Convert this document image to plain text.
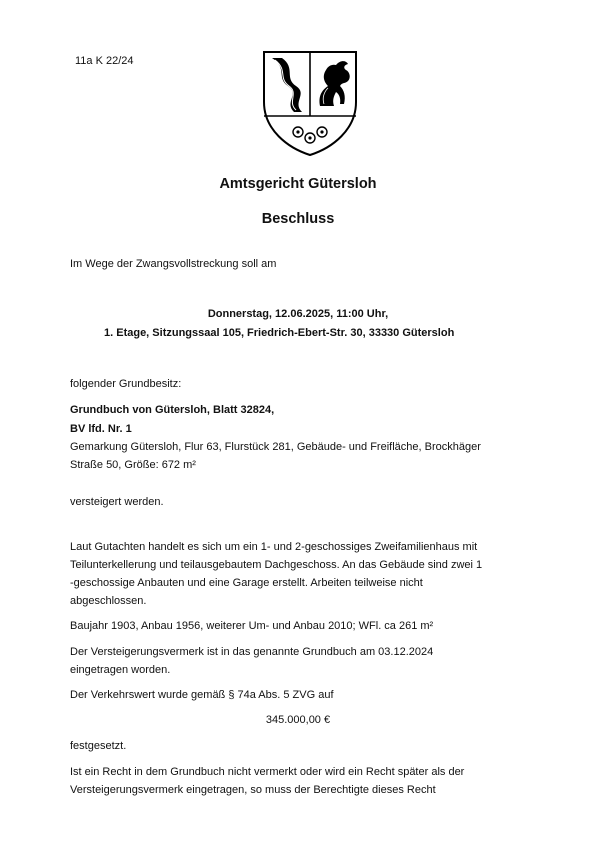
11a K 22/24
Amtsgericht Gütersloh
Beschluss
Im Wege der Zwangsvollstreckung soll am
Donnerstag, 12.06.2025, 11:00 Uhr,
1. Etage, Sitzungssaal 105, Friedrich-Ebert-Str. 30, 33330 Gütersloh
folgender Grundbesitz:
Grundbuch von Gütersloh, Blatt 32824,
BV lfd. Nr. 1
Gemarkung Gütersloh, Flur 63, Flurstück 281, Gebäude- und Freifläche, Brockhäger
Straße 50, Größe: 672 m²
versteigert werden.
Laut Gutachten handelt es sich um ein 1- und 2-geschossiges Zweifamilienhaus mit
Teilunterkellerung und teilausgebautem Dachgeschoss. An das Gebäude sind zwei 1
-geschossige Anbauten und eine Garage erstellt. Arbeiten teilweise nicht
abgeschlossen.
Baujahr 1903, Anbau 1956, weiterer Um- und Anbau 2010; WFl. ca 261 m²
Der Versteigerungsvermerk ist in das genannte Grundbuch am 03.12.2024
eingetragen worden.
Der Verkehrswert wurde gemäß § 74a Abs. 5 ZVG auf
345.000,00 €
festgesetzt.
Ist ein Recht in dem Grundbuch nicht vermerkt oder wird ein Recht später als der
Versteigerungsvermerk eingetragen, so muss der Berechtigte dieses Recht
